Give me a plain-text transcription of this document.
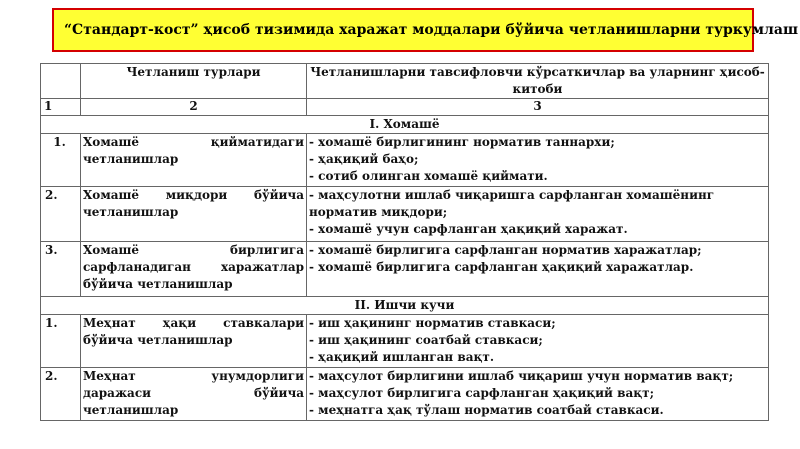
“Стандарт-кост” ҳисоб тизимида харажат моддалари бўйича четланишларни туркумлаш
	Четланиш турлари	Четланишларни тавсифловчи кўрсаткичлар ва уларнинг ҳисоб-китоби
1	2	3
I. Хомашё		
1.	Хомашё қийматидаги четланишлар	- хомашё бирлигининг норматив таннархи;
- ҳақиқий баҳо;
- сотиб олинган хомашё қиймати.

2.	Хомашё миқдори бўйича четланишлар	- маҳсулотни ишлаб чиқаришга сарфланган хомашёнинг
норматив миқдори;
- хомашё учун сарфланган ҳақиқий харажат.

3.	Хомашё бирлигига сарфланадиган харажатлар бўйича четланишлар	- хомашё бирлигига сарфланган норматив харажатлар;
- хомашё бирлигига сарфланган ҳақиқий харажатлар.

II. Ишчи кучи		
1.	Меҳнат ҳақи ставкалари бўйича четланишлар	- иш ҳақининг норматив ставкаси;
- иш ҳақининг соатбай ставкаси;
- ҳақиқий ишланган вақт.

2.	Меҳнат унумдорлиги даражаси бўйича четланишлар	- маҳсулот бирлигини ишлаб чиқариш учун норматив вақт;
- маҳсулот бирлигига сарфланган ҳақиқий вақт;
- меҳнатга ҳақ тўлаш норматив соатбай ставкаси.
